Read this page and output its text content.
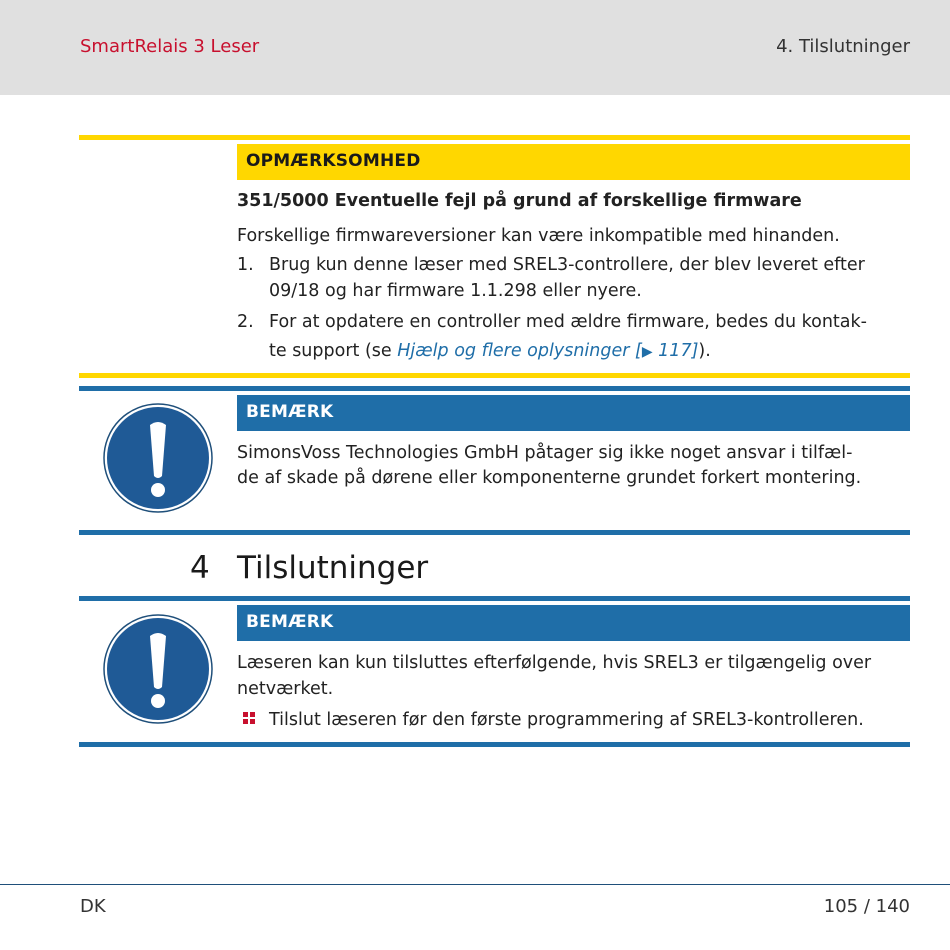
SmartRelais 3 Leser	4. Tilslutninger
OPMÆRKSOMHED
351/5000 Eventuelle fejl på grund af forskellige firmware
Forskellige firmwareversioner kan være inkompatible med hinanden.
1. Brug kun denne læser med SREL3-controllere, der blev leveret efter
09/18 og har firmware 1.1.298 eller nyere.
2. For at opdatere en controller med ældre firmware, bedes du kontak-
te support (se Hjælp og flere oplysninger [▶ 117]).
BEMÆRK
SimonsVoss Technologies GmbH påtager sig ikke noget ansvar i tilfæl-
de af skade på dørene eller komponenterne grundet forkert montering.
4 Tilslutninger
BEMÆRK
Læseren kan kun tilsluttes efterfølgende, hvis SREL3 er tilgængelig over
netværket.
Tilslut læseren før den første programmering af SREL3-kontrolleren.
DK	105 / 140
